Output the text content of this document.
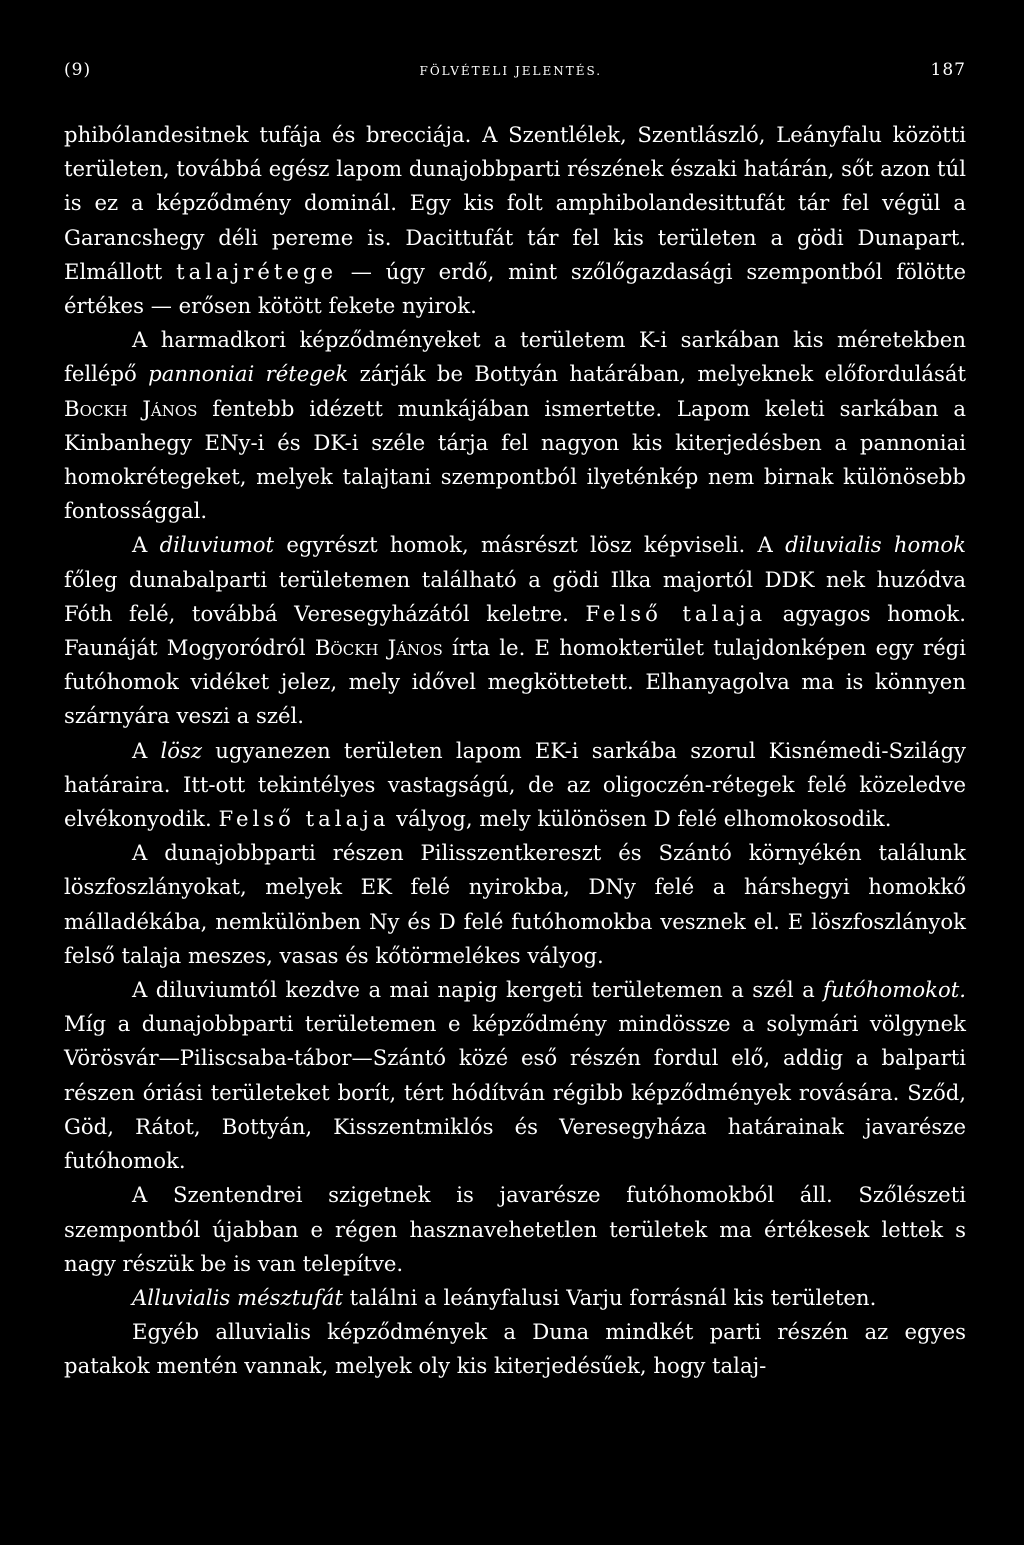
(9)	FÖLVÉTELI JELENTÉS.	187

phibólandesitnek tufája és brecciája. A Szentlélek, Szentlászló, Leányfalu közötti területen, továbbá egész lapom dunajobbparti részének északi határán, sőt azon túl is ez a képződmény dominál. Egy kis folt amphibolandesittufát tár fel végül a Garancshegy déli pereme is. Dacittufát tár fel kis területen a gödi Dunapart. Elmállott talajrétege — úgy erdő, mint szőlőgazdasági szempontból fölötte értékes — erősen kötött fekete nyirok.

A harmadkori képződményeket a területem K-i sarkában kis méretekben fellépő pannoniai rétegek zárják be Bottyán határában, melyeknek előfordulását Bockh János fentebb idézett munkájában ismertette. Lapom keleti sarkában a Kinbanhegy ENy-i és DK-i széle tárja fel nagyon kis kiterjedésben a pannoniai homokrétegeket, melyek talajtani szempontból ilyeténkép nem birnak különösebb fontossággal.

A diluviumot egyrészt homok, másrészt lösz képviseli. A diluvialis homok főleg dunabalparti területemen található a gödi Ilka majortól DDK nek huzódva Fóth felé, továbbá Veresegyházától keletre. Felső talaja agyagos homok. Faunáját Mogyoródról Böckh János írta le. E homokterület tulajdonképen egy régi futóhomok vidéket jelez, mely idővel megköttetett. Elhanyagolva ma is könnyen szárnyára veszi a szél.

A lösz ugyanezen területen lapom EK-i sarkába szorul Kisnémedi-Szilágy határaira. Itt-ott tekintélyes vastagságú, de az oligoczén-rétegek felé közeledve elvékonyodik. Felső talaja vályog, mely különösen D felé elhomokosodik.

A dunajobbparti részen Pilisszentkereszt és Szántó környékén találunk löszfoszlányokat, melyek EK felé nyirokba, DNy felé a hárshegyi homokkő málladékába, nemkülönben Ny és D felé futóhomokba vesznek el. E löszfoszlányok felső talaja meszes, vasas és kőtörmelékes vályog.

A diluviumtól kezdve a mai napig kergeti területemen a szél a futóhomokot. Míg a dunajobbparti területemen e képződmény mindössze a solymári völgynek Vörösvár—Piliscsaba-tábor—Szántó közé eső részén fordul elő, addig a balparti részen óriási területeket borít, tért hódítván régibb képződmények rovására. Sződ, Göd, Rátot, Bottyán, Kisszentmiklós és Veresegyháza határainak javarésze futóhomok.

A Szentendrei szigetnek is javarésze futóhomokból áll. Szőlészeti szempontból újabban e régen hasznavehetetlen területek ma értékesek lettek s nagy részük be is van telepítve.

Alluvialis mésztufát találni a leányfalusi Varju forrásnál kis területen.

Egyéb alluvialis képződmények a Duna mindkét parti részén az egyes patakok mentén vannak, melyek oly kis kiterjedésűek, hogy talaj-
